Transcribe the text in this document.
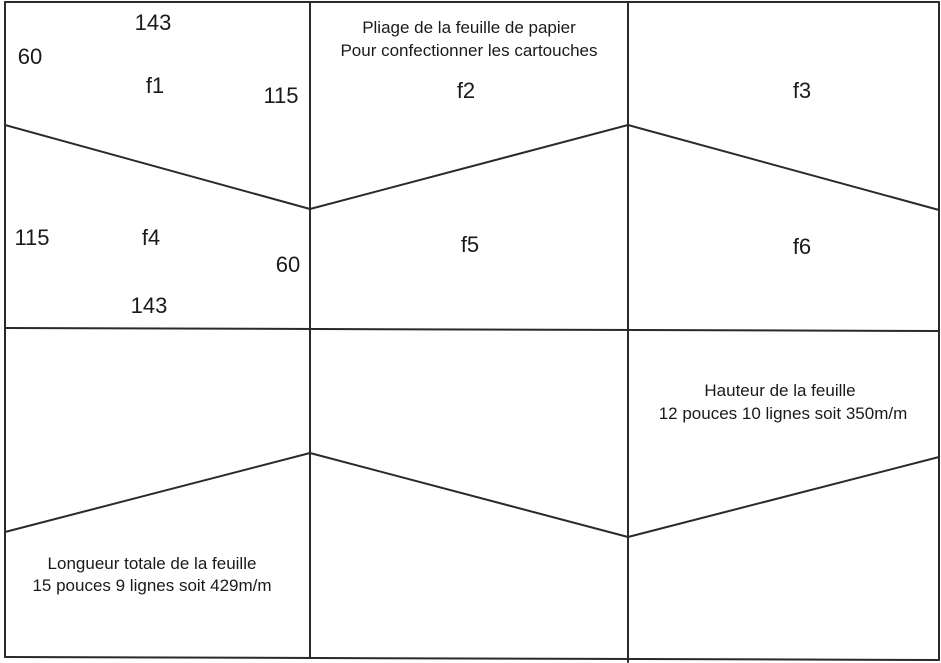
Pliage de la feuille de papier
Pour confectionner les cartouches
f1	f2	f3
f4	f5	f6
143
60
115
115
60
143
Hauteur de la feuille
12 pouces 10 lignes soit 350m/m
Longueur totale de la feuille
15 pouces 9 lignes soit 429m/m
